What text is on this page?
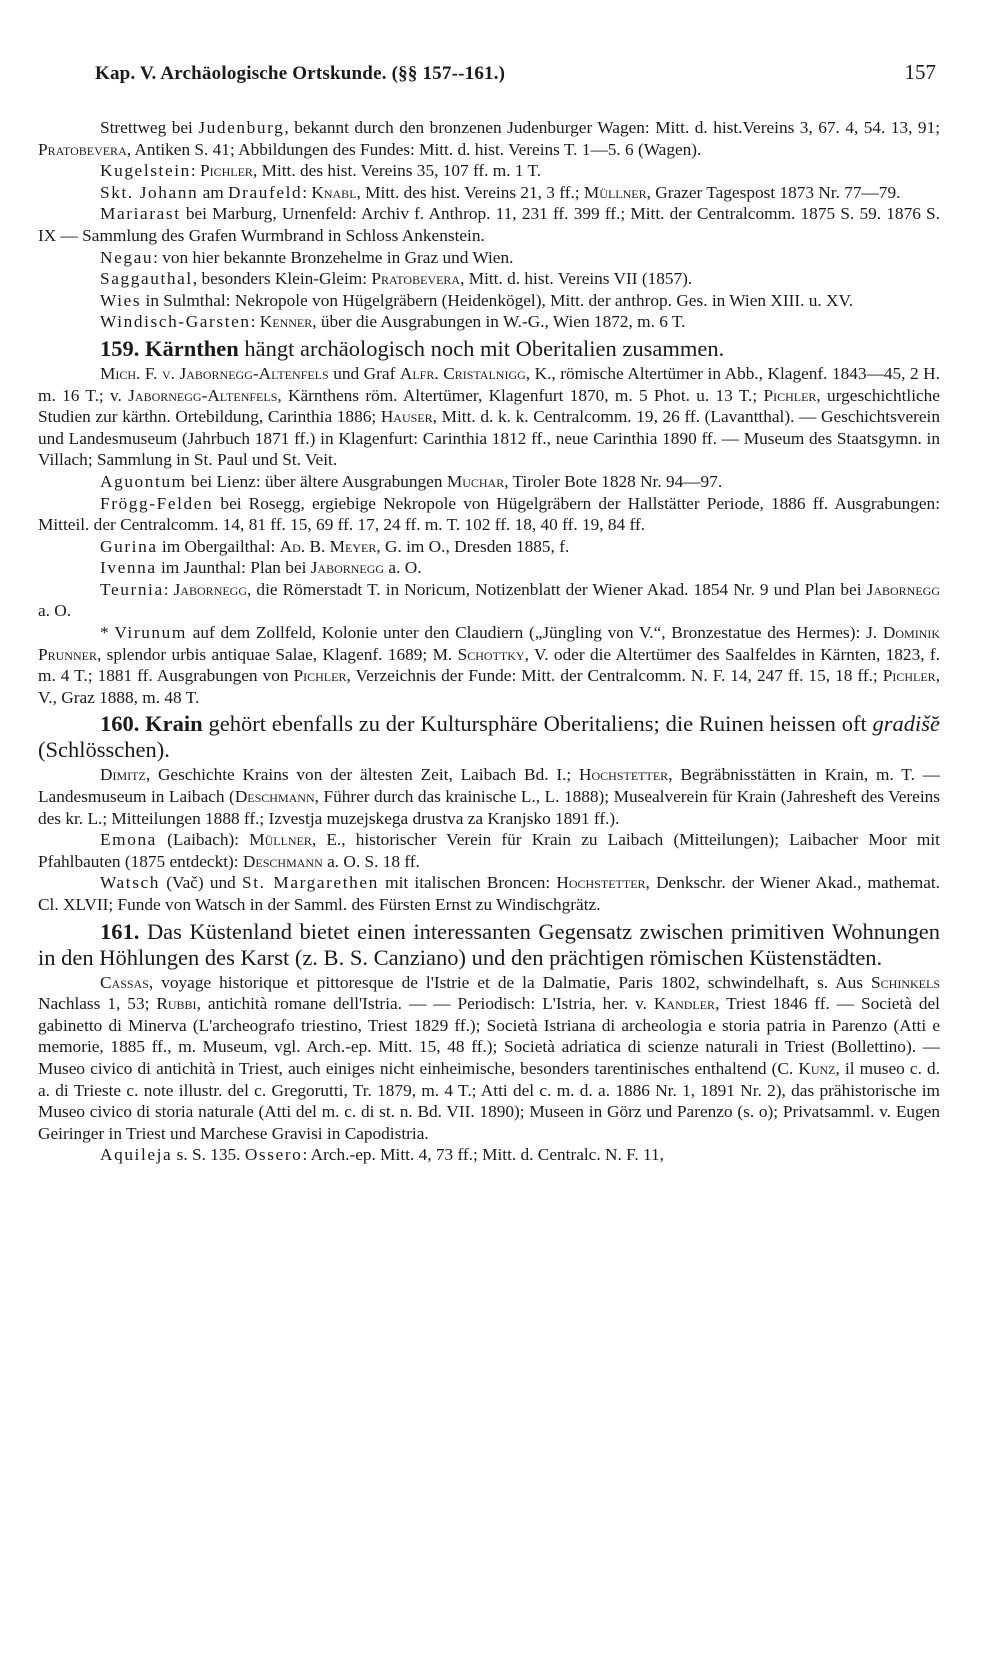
Kap. V. Archäologische Ortskunde. (§§ 157--161.)	157

Strettweg bei Judenburg, bekannt durch den bronzenen Judenburger Wagen: Mitt. d. hist.Vereins 3, 67. 4, 54. 13, 91; Pratobevera, Antiken S. 41; Abbildungen des Fundes: Mitt. d. hist. Vereins T. 1—5. 6 (Wagen).

Kugelstein: Pichler, Mitt. des hist. Vereins 35, 107 ff. m. 1 T.

Skt. Johann am Draufeld: Knabl, Mitt. des hist. Vereins 21, 3 ff.; Müllner, Grazer Tagespost 1873 Nr. 77—79.

Mariarast bei Marburg, Urnenfeld: Archiv f. Anthrop. 11, 231 ff. 399 ff.; Mitt. der Centralcomm. 1875 S. 59. 1876 S. IX — Sammlung des Grafen Wurmbrand in Schloss Ankenstein.

Negau: von hier bekannte Bronzehelme in Graz und Wien.

Saggauthal, besonders Klein-Gleim: Pratobevera, Mitt. d. hist. Vereins VII (1857).

Wies in Sulmthal: Nekropole von Hügelgräbern (Heidenkögel), Mitt. der anthrop. Ges. in Wien XIII. u. XV.

Windisch-Garsten: Kenner, über die Ausgrabungen in W.-G., Wien 1872, m. 6 T.

159. Kärnthen hängt archäologisch noch mit Oberitalien zusammen.

Mich. F. v. Jabornegg-Altenfels und Graf Alfr. Cristalnigg, K., römische Altertümer in Abb., Klagenf. 1843—45, 2 H. m. 16 T.; v. Jabornegg-Altenfels, Kärnthens röm. Altertümer, Klagenfurt 1870, m. 5 Phot. u. 13 T.; Pichler, urgeschichtliche Studien zur kärthn. Ortebildung, Carinthia 1886; Hauser, Mitt. d. k. k. Centralcomm. 19, 26 ff. (Lavantthal). — Geschichtsverein und Landesmuseum (Jahrbuch 1871 ff.) in Klagenfurt: Carinthia 1812 ff., neue Carinthia 1890 ff. — Museum des Staatsgymn. in Villach; Sammlung in St. Paul und St. Veit.

Aguontum bei Lienz: über ältere Ausgrabungen Muchar, Tiroler Bote 1828 Nr. 94—97.

Frögg-Felden bei Rosegg, ergiebige Nekropole von Hügelgräbern der Hallstätter Periode, 1886 ff. Ausgrabungen: Mitteil. der Centralcomm. 14, 81 ff. 15, 69 ff. 17, 24 ff. m. T. 102 ff. 18, 40 ff. 19, 84 ff.

Gurina im Obergailthal: Ad. B. Meyer, G. im O., Dresden 1885, f.

Ivenna im Jaunthal: Plan bei Jabornegg a. O.

Teurnia: Jabornegg, die Römerstadt T. in Noricum, Notizenblatt der Wiener Akad. 1854 Nr. 9 und Plan bei Jabornegg a. O.

* Virunum auf dem Zollfeld, Kolonie unter den Claudiern („Jüngling von V.“, Bronzestatue des Hermes): J. Dominik Prunner, splendor urbis antiquae Salae, Klagenf. 1689; M. Schottky, V. oder die Altertümer des Saalfeldes in Kärnten, 1823, f. m. 4 T.; 1881 ff. Ausgrabungen von Pichler, Verzeichnis der Funde: Mitt. der Centralcomm. N. F. 14, 247 ff. 15, 18 ff.; Pichler, V., Graz 1888, m. 48 T.

160. Krain gehört ebenfalls zu der Kultursphäre Oberitaliens; die Ruinen heissen oft gradiš̆e (Schlösschen).

Dimitz, Geschichte Krains von der ältesten Zeit, Laibach Bd. I.; Hochstetter, Begräbnisstätten in Krain, m. T. — Landesmuseum in Laibach (Deschmann, Führer durch das krainische L., L. 1888); Musealverein für Krain (Jahresheft des Vereins des kr. L.; Mitteilungen 1888 ff.; Izvestja muzejskega drustva za Kranjsko 1891 ff.).

Emona (Laibach): Müllner, E., historischer Verein für Krain zu Laibach (Mitteilungen); Laibacher Moor mit Pfahlbauten (1875 entdeckt): Deschmann a. O. S. 18 ff.

Watsch (Vač) und St. Margarethen mit italischen Broncen: Hochstetter, Denkschr. der Wiener Akad., mathemat. Cl. XLVII; Funde von Watsch in der Samml. des Fürsten Ernst zu Windischgrätz.

161. Das Küstenland bietet einen interessanten Gegensatz zwischen primitiven Wohnungen in den Höhlungen des Karst (z. B. S. Canziano) und den prächtigen römischen Küstenstädten.

Cassas, voyage historique et pittoresque de l'Istrie et de la Dalmatie, Paris 1802, schwindelhaft, s. Aus Schinkels Nachlass 1, 53; Rubbi, antichità romane dell'Istria. — — Periodisch: L'Istria, her. v. Kandler, Triest 1846 ff. — Società del gabinetto di Minerva (L'archeografo triestino, Triest 1829 ff.); Società Istriana di archeologia e storia patria in Parenzo (Atti e memorie, 1885 ff., m. Museum, vgl. Arch.-ep. Mitt. 15, 48 ff.); Società adriatica di scienze naturali in Triest (Bollettino). — Museo civico di antichità in Triest, auch einiges nicht einheimische, besonders tarentinisches enthaltend (C. Kunz, il museo c. d. a. di Trieste c. note illustr. del c. Gregorutti, Tr. 1879, m. 4 T.; Atti del c. m. d. a. 1886 Nr. 1, 1891 Nr. 2), das prähistorische im Museo civico di storia naturale (Atti del m. c. di st. n. Bd. VII. 1890); Museen in Görz und Parenzo (s. o); Privatsamml. v. Eugen Geiringer in Triest und Marchese Gravisi in Capodistria.

Aquileja s. S. 135. Ossero: Arch.-ep. Mitt. 4, 73 ff.; Mitt. d. Centralc. N. F. 11,
